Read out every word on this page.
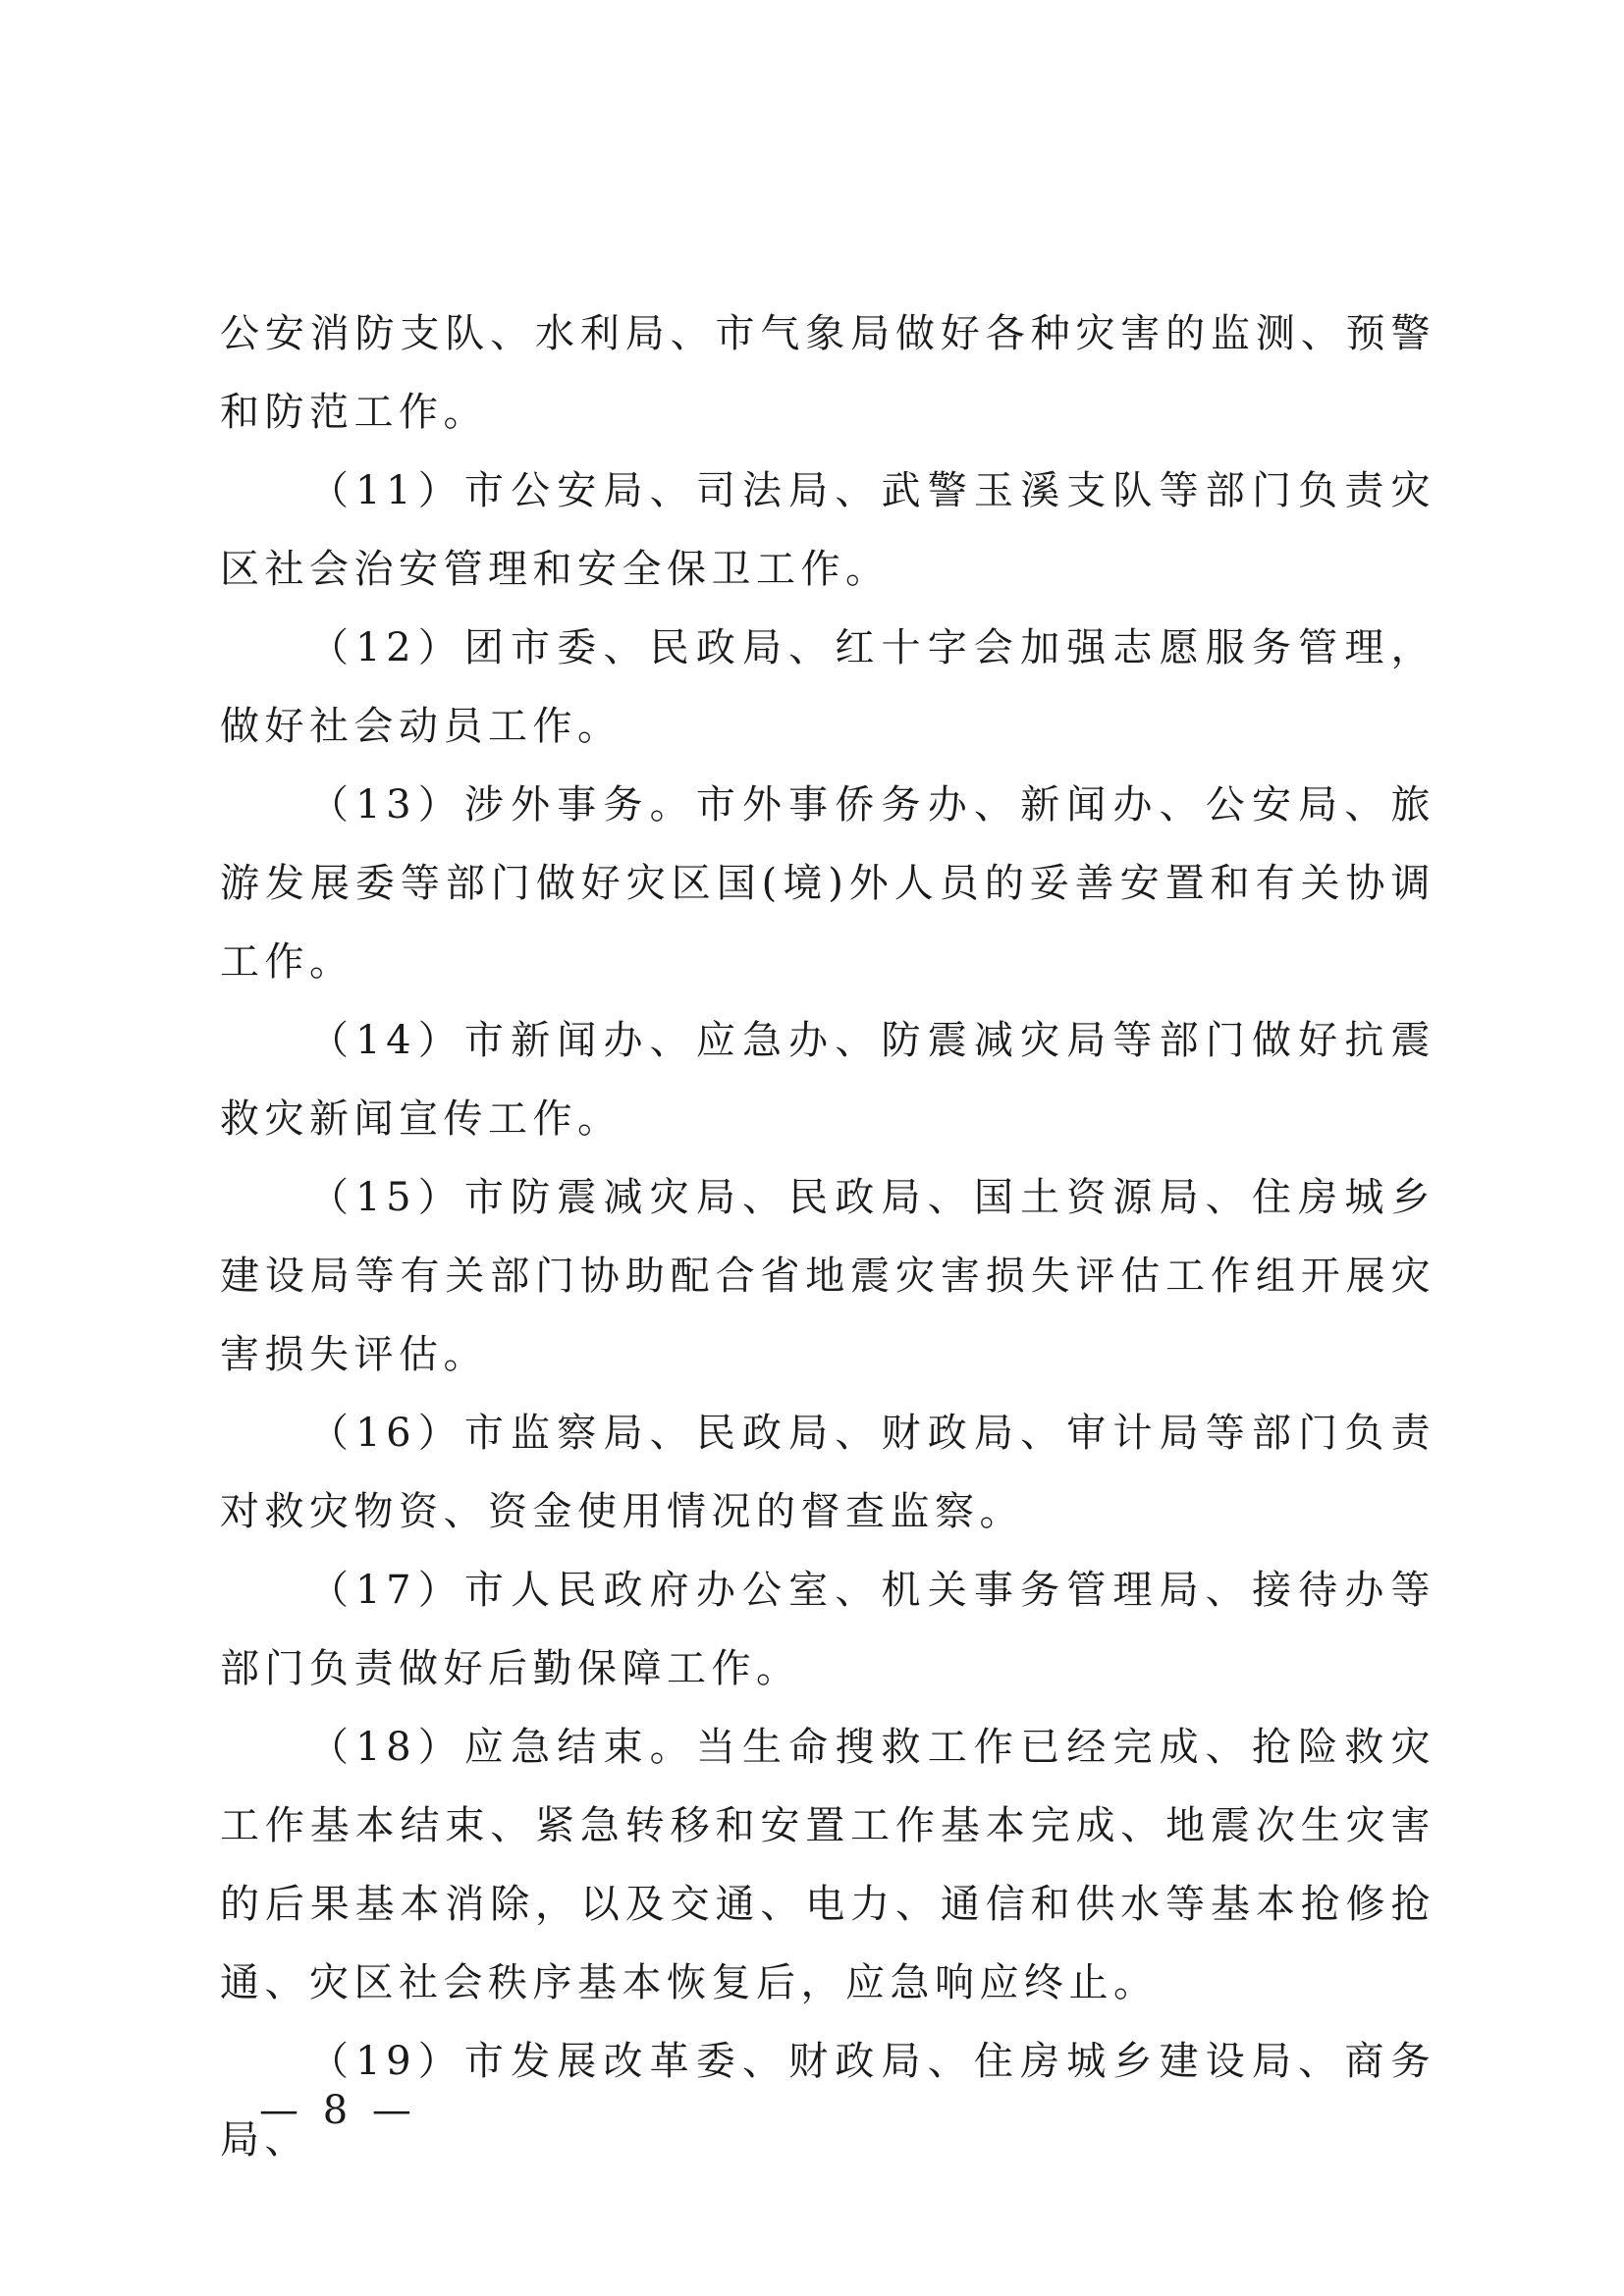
公安消防支队、水利局、市气象局做好各种灾害的监测、预警和防范工作。

（11）市公安局、司法局、武警玉溪支队等部门负责灾区社会治安管理和安全保卫工作。

（12）团市委、民政局、红十字会加强志愿服务管理，做好社会动员工作。

（13）涉外事务。市外事侨务办、新闻办、公安局、旅游发展委等部门做好灾区国(境)外人员的妥善安置和有关协调工作。

（14）市新闻办、应急办、防震减灾局等部门做好抗震救灾新闻宣传工作。

（15）市防震减灾局、民政局、国土资源局、住房城乡建设局等有关部门协助配合省地震灾害损失评估工作组开展灾害损失评估。

（16）市监察局、民政局、财政局、审计局等部门负责对救灾物资、资金使用情况的督查监察。

（17）市人民政府办公室、机关事务管理局、接待办等部门负责做好后勤保障工作。

（18）应急结束。当生命搜救工作已经完成、抢险救灾工作基本结束、紧急转移和安置工作基本完成、地震次生灾害的后果基本消除，以及交通、电力、通信和供水等基本抢修抢通、灾区社会秩序基本恢复后，应急响应终止。

（19）市发展改革委、财政局、住房城乡建设局、商务局、

— 8 —
